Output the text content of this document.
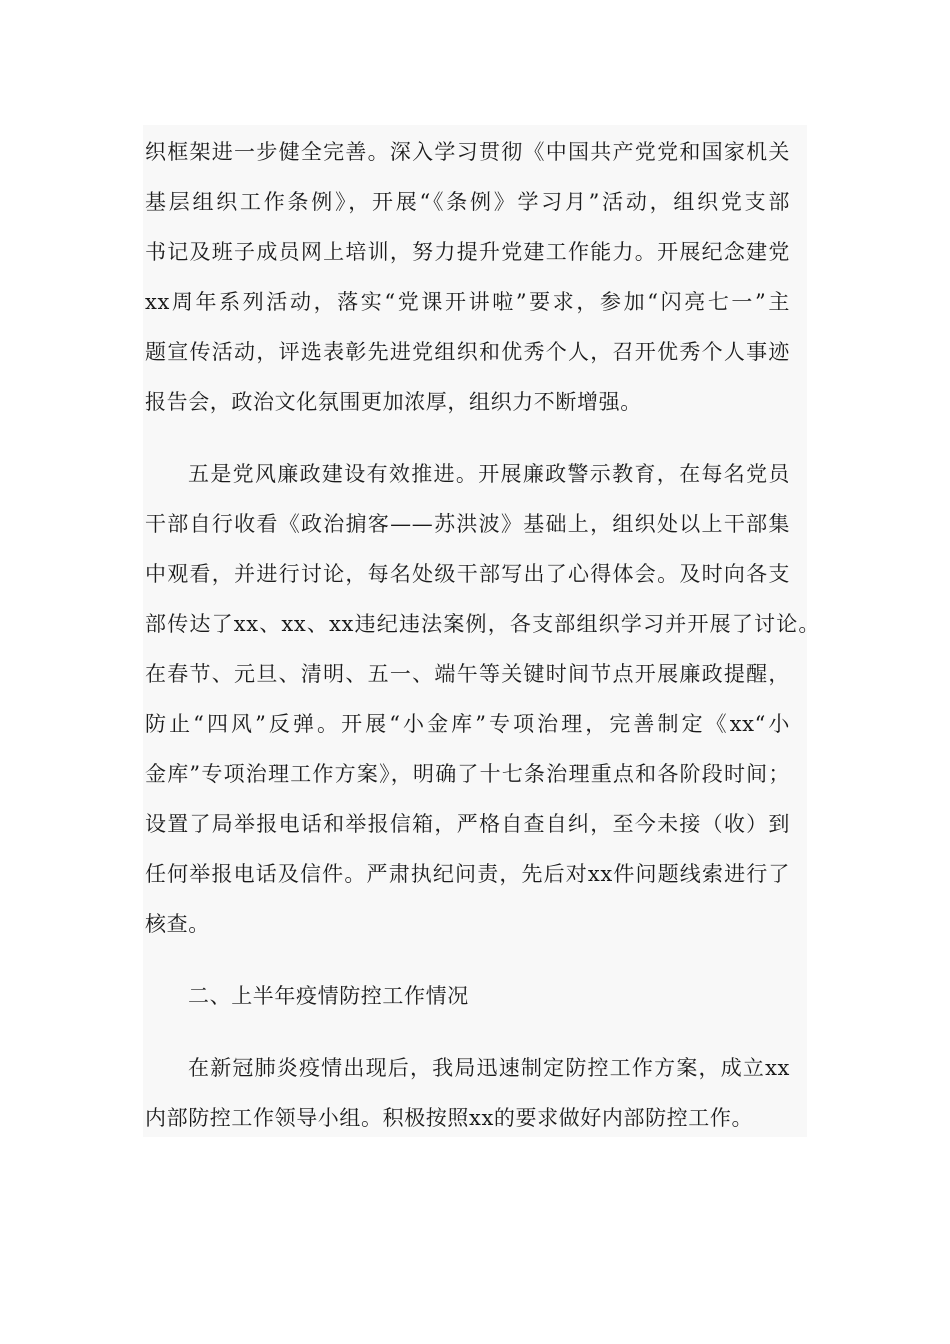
织框架进一步健全完善。深入学习贯彻《中国共产党党和国家机关
基层组织工作条例》，开展“《条例》学习月”活动，组织党支部
书记及班子成员网上培训，努力提升党建工作能力。开展纪念建党
xx周年系列活动，落实“党课开讲啦”要求，参加“闪亮七一”主
题宣传活动，评选表彰先进党组织和优秀个人，召开优秀个人事迹
报告会，政治文化氛围更加浓厚，组织力不断增强。
五是党风廉政建设有效推进。开展廉政警示教育，在每名党员
干部自行收看《政治掮客——苏洪波》基础上，组织处以上干部集
中观看，并进行讨论，每名处级干部写出了心得体会。及时向各支
部传达了xx、xx、xx违纪违法案例，各支部组织学习并开展了讨论。
在春节、元旦、清明、五一、端午等关键时间节点开展廉政提醒，
防止“四风”反弹。开展“小金库”专项治理，完善制定《xx“小
金库”专项治理工作方案》，明确了十七条治理重点和各阶段时间；
设置了局举报电话和举报信箱，严格自查自纠，至今未接（收）到
任何举报电话及信件。严肃执纪问责，先后对xx件问题线索进行了
核查。
二、上半年疫情防控工作情况
在新冠肺炎疫情出现后，我局迅速制定防控工作方案，成立xx
内部防控工作领导小组。积极按照xx的要求做好内部防控工作。
